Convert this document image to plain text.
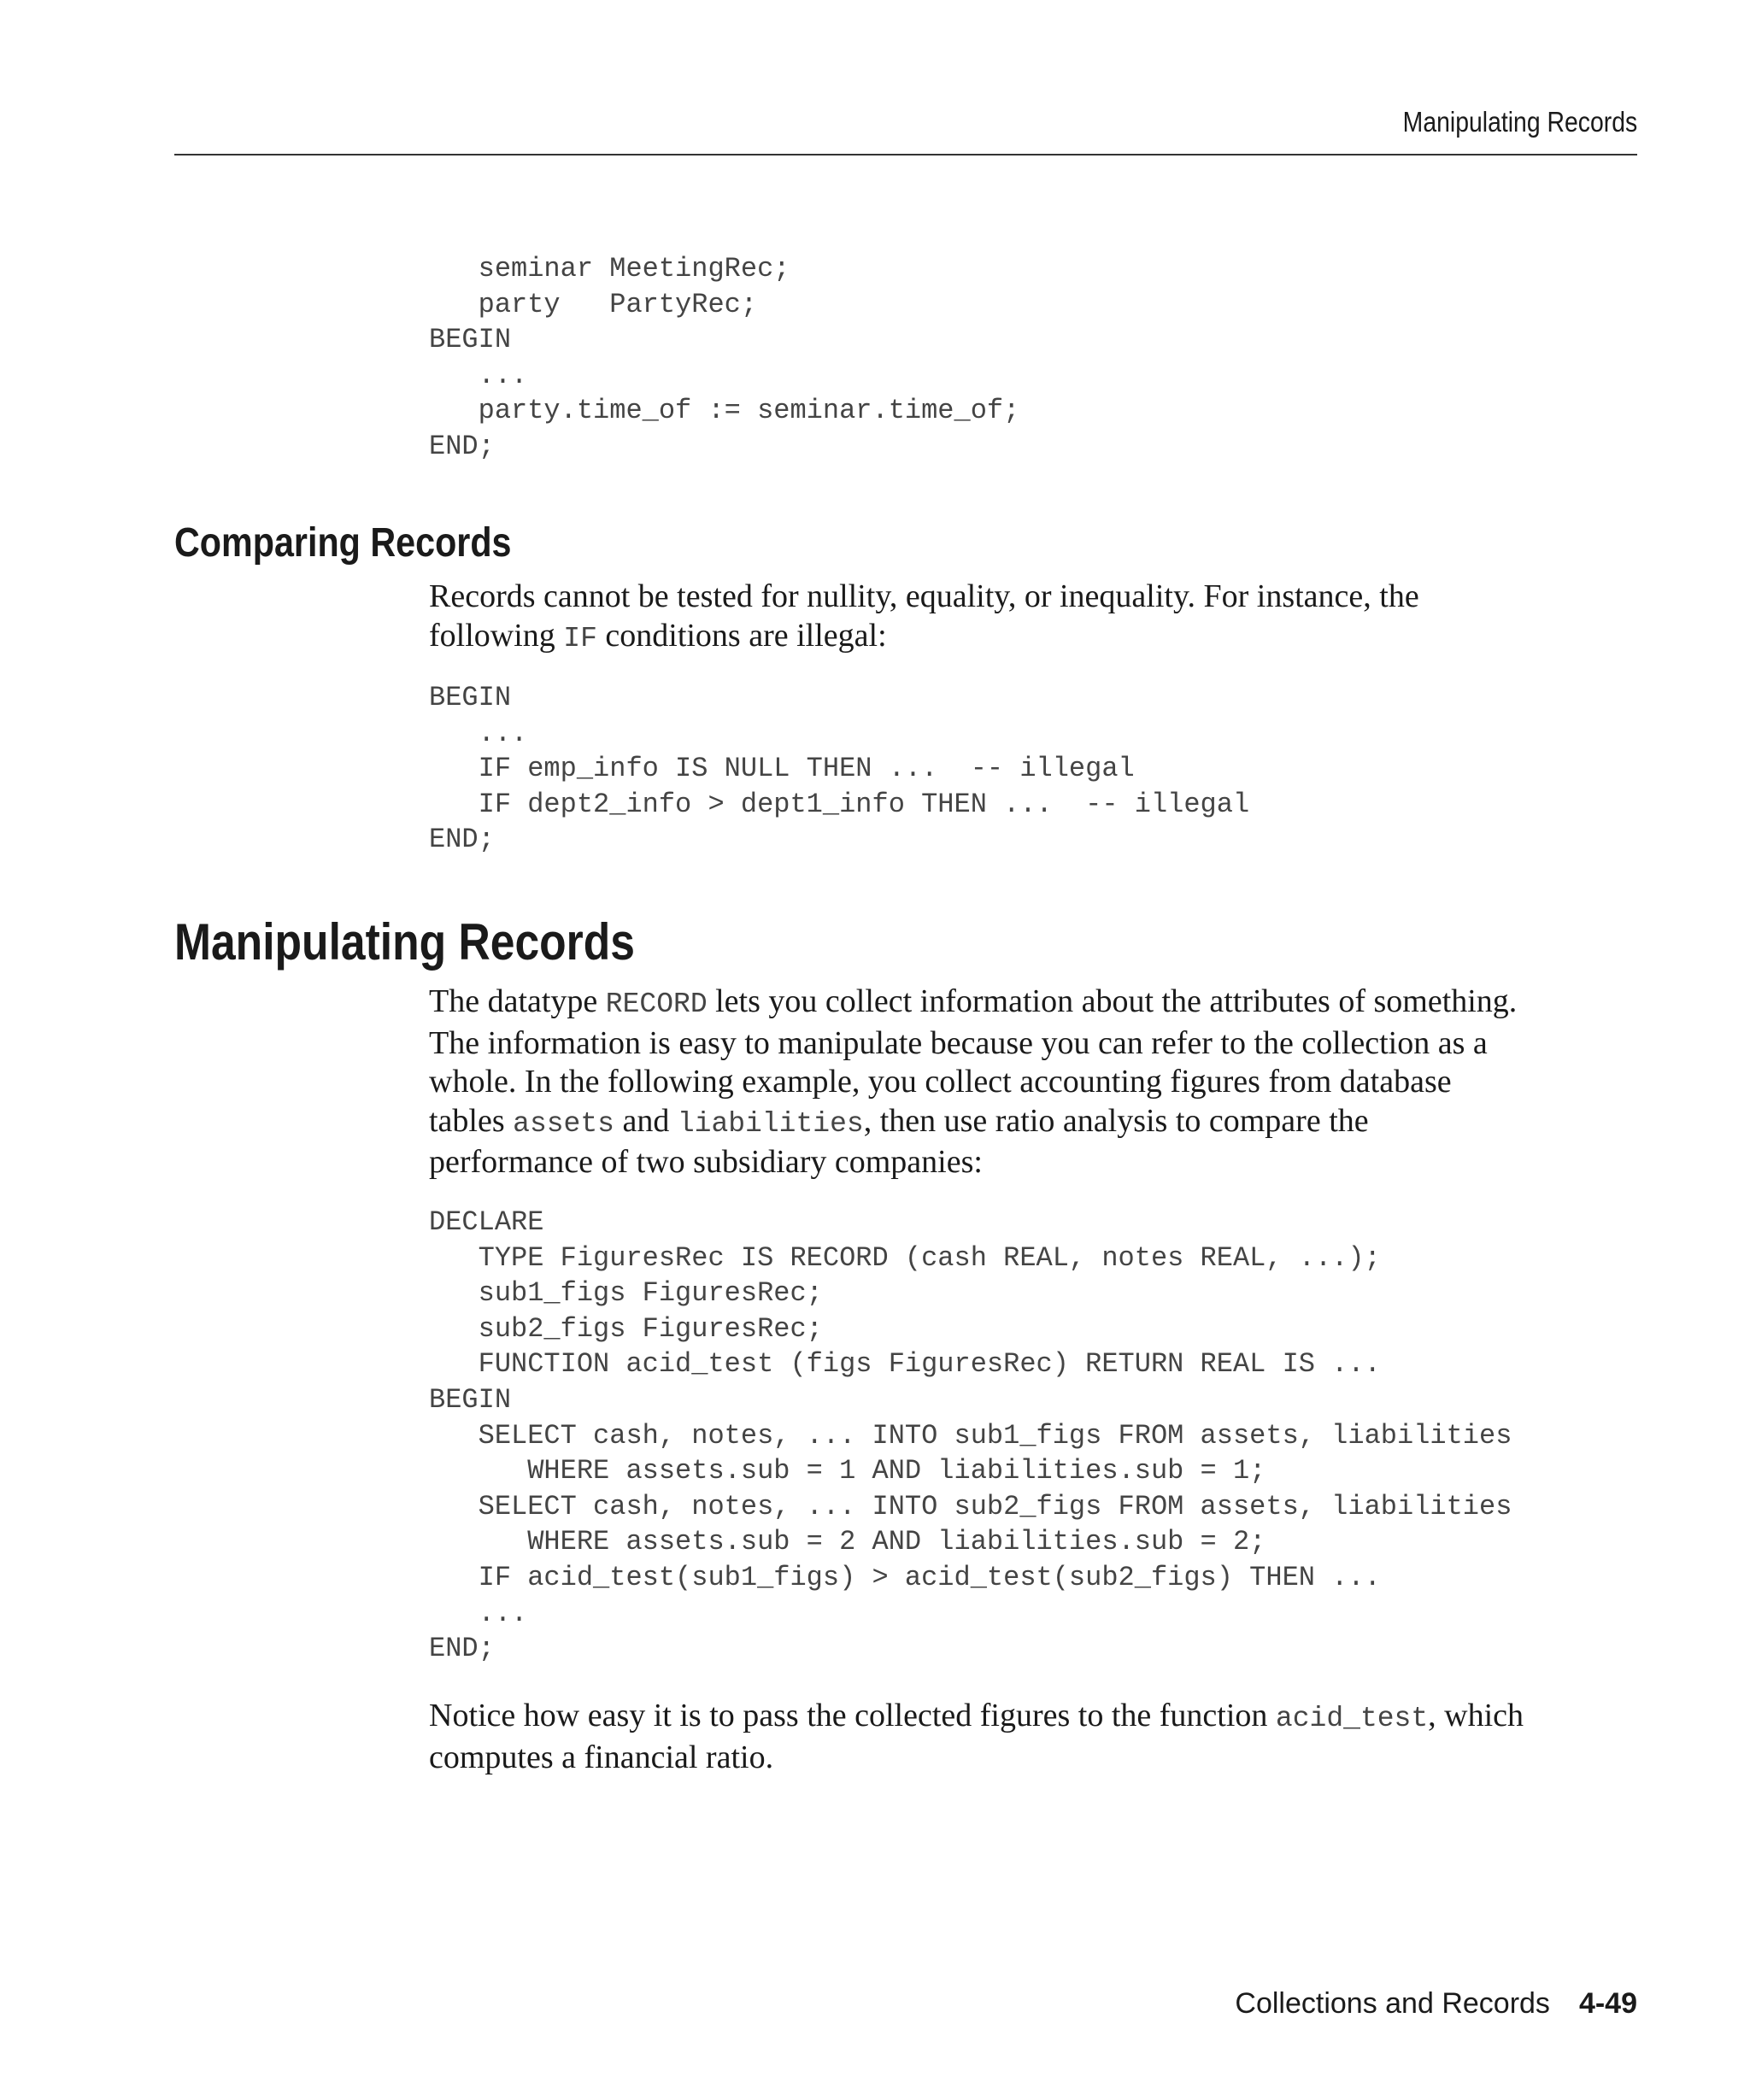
Manipulating Records
seminar MeetingRec;
party   PartyRec;
BEGIN
...
party.time_of := seminar.time_of;
END;
Comparing Records

Records cannot be tested for nullity, equality, or inequality. For instance, the
following IF conditions are illegal:

BEGIN
...
IF emp_info IS NULL THEN ...  -- illegal
IF dept2_info > dept1_info THEN ...  -- illegal
END;
Manipulating Records

The datatype RECORD lets you collect information about the attributes of something.
The information is easy to manipulate because you can refer to the collection as a
whole. In the following example, you collect accounting figures from database
tables assets and liabilities, then use ratio analysis to compare the
performance of two subsidiary companies:

DECLARE
TYPE FiguresRec IS RECORD (cash REAL, notes REAL, ...);
sub1_figs FiguresRec;
sub2_figs FiguresRec;
FUNCTION acid_test (figs FiguresRec) RETURN REAL IS ...
BEGIN
SELECT cash, notes, ... INTO sub1_figs FROM assets, liabilities
WHERE assets.sub = 1 AND liabilities.sub = 1;
SELECT cash, notes, ... INTO sub2_figs FROM assets, liabilities
WHERE assets.sub = 2 AND liabilities.sub = 2;
IF acid_test(sub1_figs) > acid_test(sub2_figs) THEN ...
...
END;

Notice how easy it is to pass the collected figures to the function acid_test, which
computes a financial ratio.

Collections and Records 4-49
